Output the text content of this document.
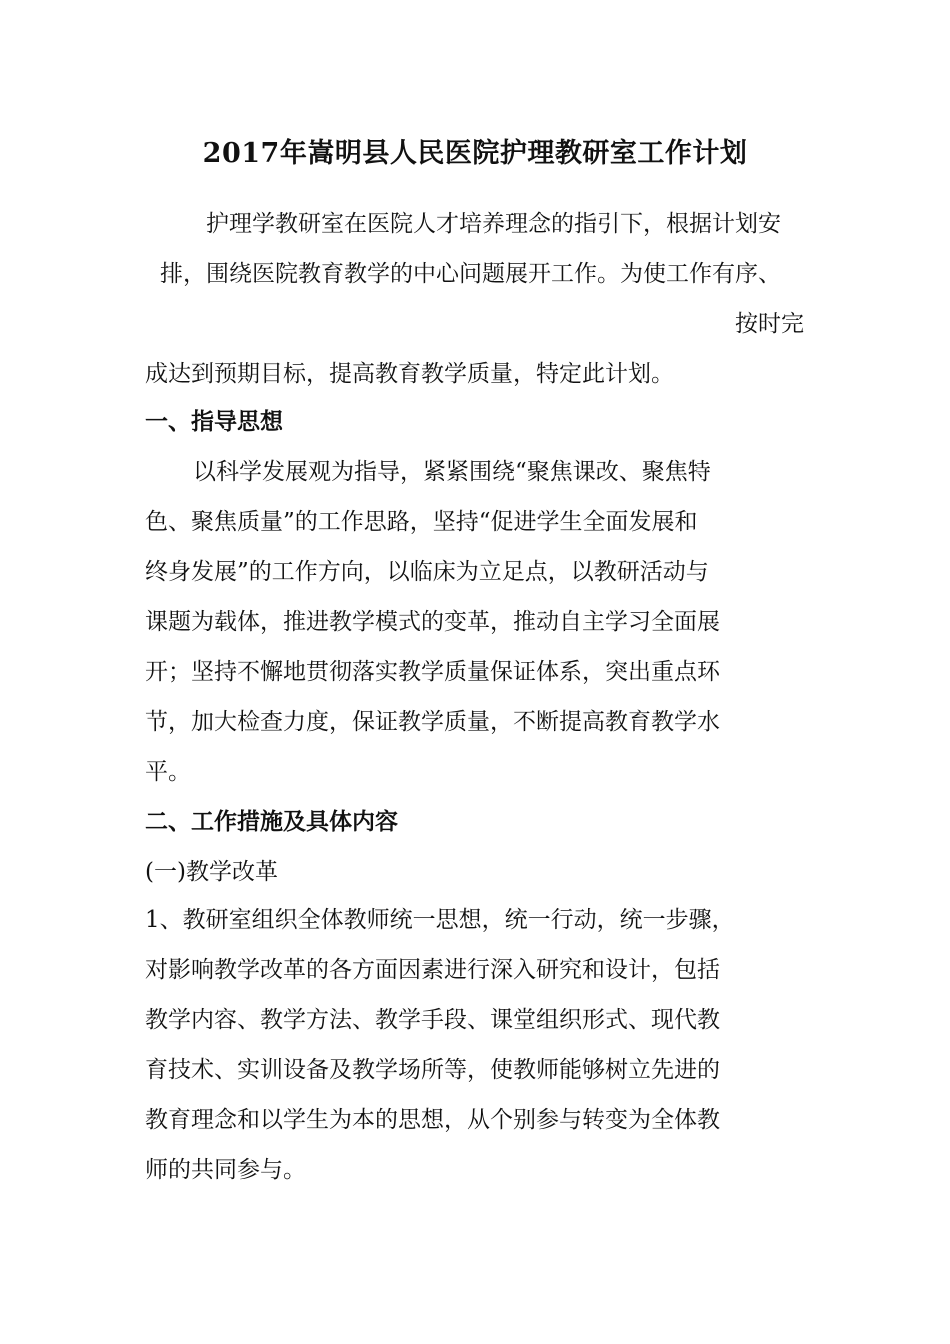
2017年嵩明县人民医院护理教研室工作计划
护理学教研室在医院人才培养理念的指引下，根据计划安
排，围绕医院教育教学的中心问题展开工作。为使工作有序、
按时完
成达到预期目标，提高教育教学质量，特定此计划。
一、指导思想
以科学发展观为指导，紧紧围绕“聚焦课改、聚焦特
色、聚焦质量”的工作思路，坚持“促进学生全面发展和
终身发展”的工作方向，以临床为立足点，以教研活动与
课题为载体，推进教学模式的变革，推动自主学习全面展
开；坚持不懈地贯彻落实教学质量保证体系，突出重点环
节，加大检查力度，保证教学质量，不断提高教育教学水
平。
二、工作措施及具体内容
(一)教学改革
1、教研室组织全体教师统一思想，统一行动，统一步骤，
对影响教学改革的各方面因素进行深入研究和设计，包括
教学内容、教学方法、教学手段、课堂组织形式、现代教
育技术、实训设备及教学场所等，使教师能够树立先进的
教育理念和以学生为本的思想，从个别参与转变为全体教
师的共同参与。
